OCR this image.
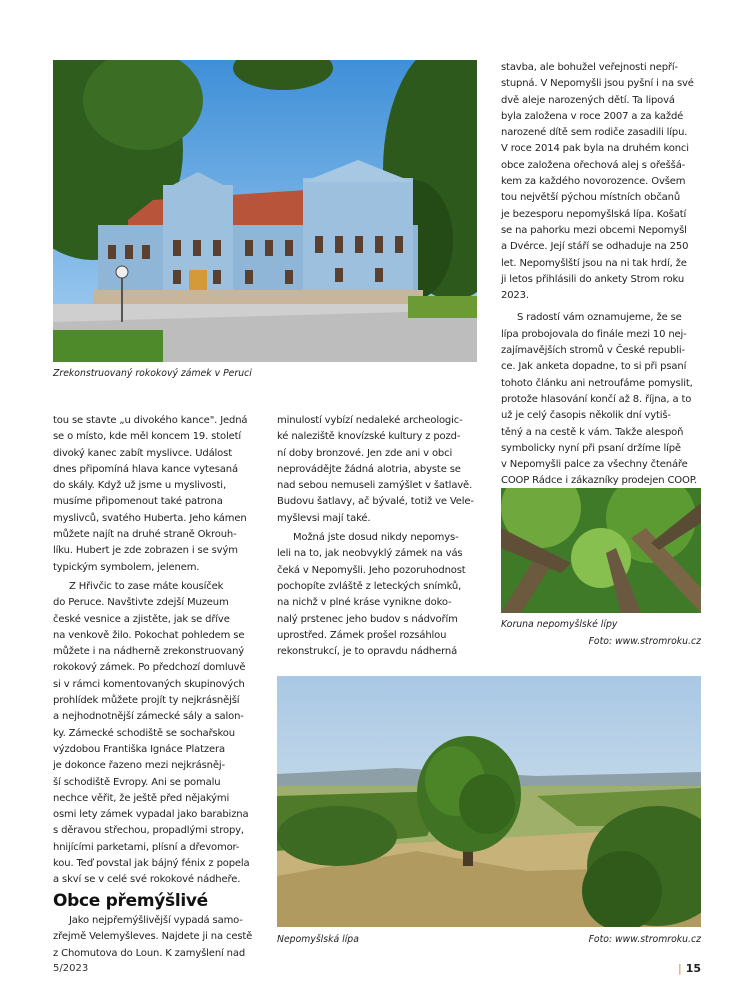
Zrekonstruovaný rokokový zámek v Peruci
stavba, ale bohužel veřejnosti nepří-
stupná. V Nepomyšli jsou pyšní i na své
dvě aleje narozených dětí. Ta lipová
byla založena v roce 2007 a za každé
narozené dítě sem rodiče zasadili lípu.
V roce 2014 pak byla na druhém konci
obce založena ořechová alej s ořeššá-
kem za každého novorozence. Ovšem
tou největší pýchou místních občanů
je bezesporu nepomyšlská lípa. Košatí
se na pahorku mezi obcemi Nepomyšl
a Dvérce. Její stáří se odhaduje na 250
let. Nepomyšlští jsou na ni tak hrdí, že
ji letos přihlásili do ankety Strom roku
2023.
S radostí vám oznamujeme, že se
lípa probojovala do finále mezi 10 nej-
zajímavějších stromů v České republi-
ce. Jak anketa dopadne, to si při psaní
tohoto článku ani netroufáme pomyslit,
protože hlasování končí až 8. října, a to
už je celý časopis několik dní vytiš-
těný a na cestě k vám. Takže alespoň
symbolicky nyní při psaní držíme lípě
v Nepomyšli palce za všechny čtenáře
COOP Rádce i zákazníky prodejen COOP.
Koruna nepomyšlské lípy
Foto: www.stromroku.cz
tou se stavte „u divokého kance". Jedná
se o místo, kde měl koncem 19. století
divoký kanec zabít myslivce. Událost
dnes připomíná hlava kance vytesaná
do skály. Když už jsme u myslivosti,
musíme připomenout také patrona
myslivců, svatého Huberta. Jeho kámen
můžete najít na druhé straně Okrouh-
líku. Hubert je zde zobrazen i se svým
typickým symbolem, jelenem.
Z Hřivčic to zase máte kousíček
do Peruce. Navštivte zdejší Muzeum
české vesnice a zjistěte, jak se dříve
na venkově žilo. Pokochat pohledem se
můžete i na nádherně zrekonstruovaný
rokokový zámek. Po předchozí domluvě
si v rámci komentovaných skupinových
prohlídek můžete projít ty nejkrásnější
a nejhodnotnější zámecké sály a salon-
ky. Zámecké schodiště se sochařskou
výzdobou Františka Ignáce Platzera
je dokonce řazeno mezi nejkrásněj-
ší schodiště Evropy. Ani se pomalu
nechce věřit, že ještě před nějakými
osmi lety zámek vypadal jako barabizna
s děravou střechou, propadlými stropy,
hnijícími parketami, plísní a dřevomor-
kou. Teď povstal jak bájný fénix z popela
a skví se v celé své rokokové nádheře.
Obce přemýšlivé
Jako nejpřemýšlivější vypadá samo-
zřejmě Velemyšleves. Najdete ji na cestě
z Chomutova do Loun. K zamyšlení nad
minulostí vybízí nedaleké archeologic-
ké naleziště knovízské kultury z pozd-
ní doby bronzové. Jen zde ani v obci
neprovádějte žádná alotria, abyste se
nad sebou nemuseli zamýšlet v šatlavě.
Budovu šatlavy, ač bývalé, totiž ve Vele-
myšlevsi mají také.
Možná jste dosud nikdy nepomys-
leli na to, jak neobvyklý zámek na vás
čeká v Nepomyšli. Jeho pozoruhodnost
pochopíte zvláště z leteckých snímků,
na nichž v plné kráse vynikne doko-
nalý prstenec jeho budov s nádvořím
uprostřed. Zámek prošel rozsáhlou
rekonstrukcí, je to opravdu nádherná
Nepomyšlská lípa	Foto: www.stromroku.cz
5/2023	| 15
